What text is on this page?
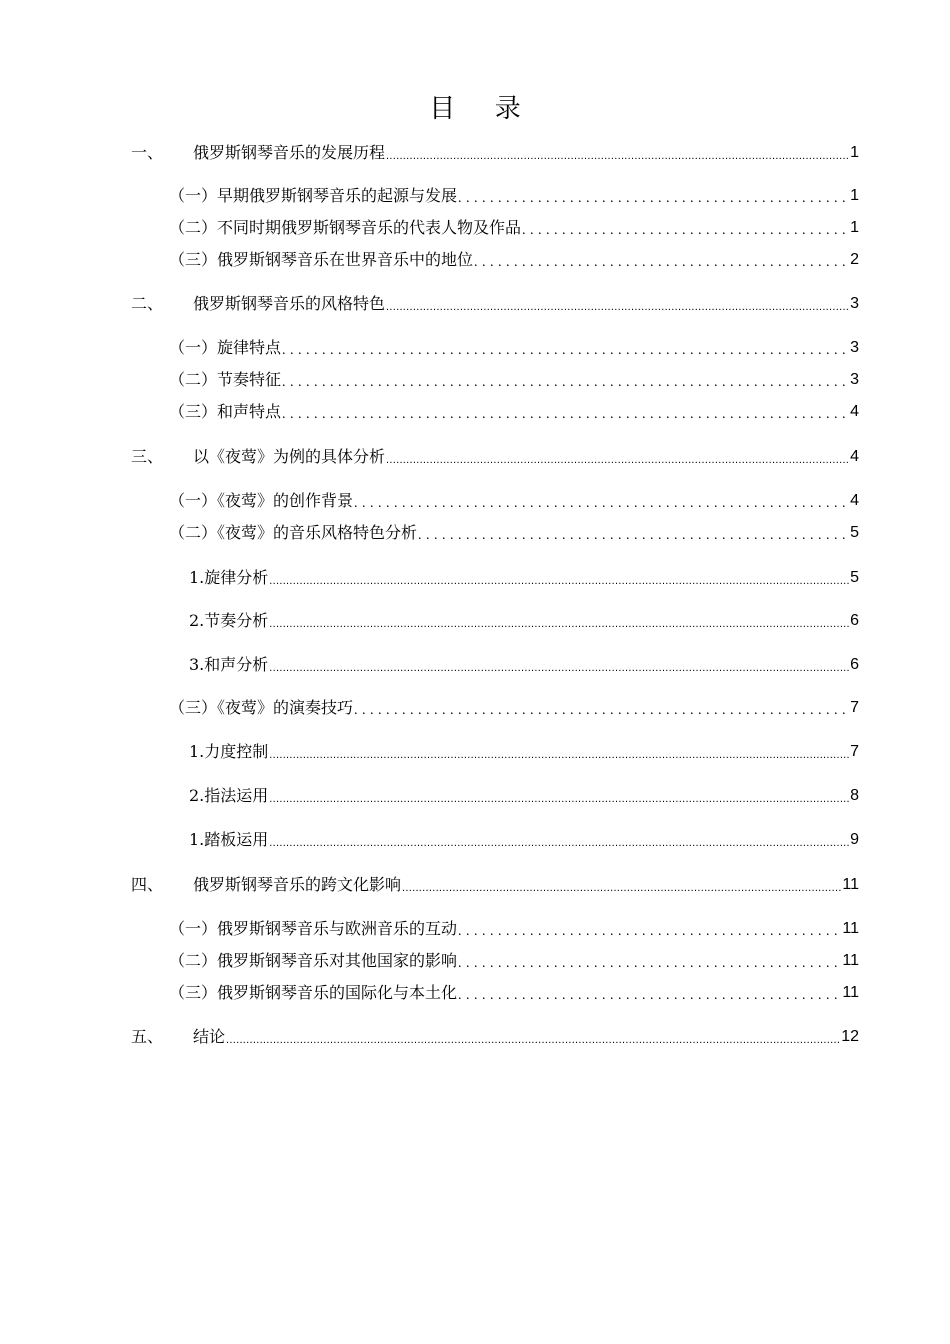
目 录
一、 俄罗斯钢琴音乐的发展历程 .....	1
（一）早期俄罗斯钢琴音乐的起源与发展 . . .	1
（二）不同时期俄罗斯钢琴音乐的代表人物及作品 . . .	1
（三）俄罗斯钢琴音乐在世界音乐中的地位 . . .	2
二、 俄罗斯钢琴音乐的风格特色 .....	3
（一）旋律特点 . . .	3
（二）节奏特征 . . .	3
（三）和声特点 . . .	4
三、 以《夜莺》为例的具体分析 .....	4
（一）《夜莺》的创作背景 . . .	4
（二）《夜莺》的音乐风格特色分析 . . .	5
1.旋律分析 .....	5
2.节奏分析 .....	6
3.和声分析 .....	6
（三）《夜莺》的演奏技巧 . . .	7
1.力度控制 .....	7
2.指法运用 .....	8
1.踏板运用 .....	9
四、 俄罗斯钢琴音乐的跨文化影响 .....	11
（一）俄罗斯钢琴音乐与欧洲音乐的互动 . . .	11
（二）俄罗斯钢琴音乐对其他国家的影响 . . .	11
（三）俄罗斯钢琴音乐的国际化与本土化 . . .	11
五、 结论 .....	12
